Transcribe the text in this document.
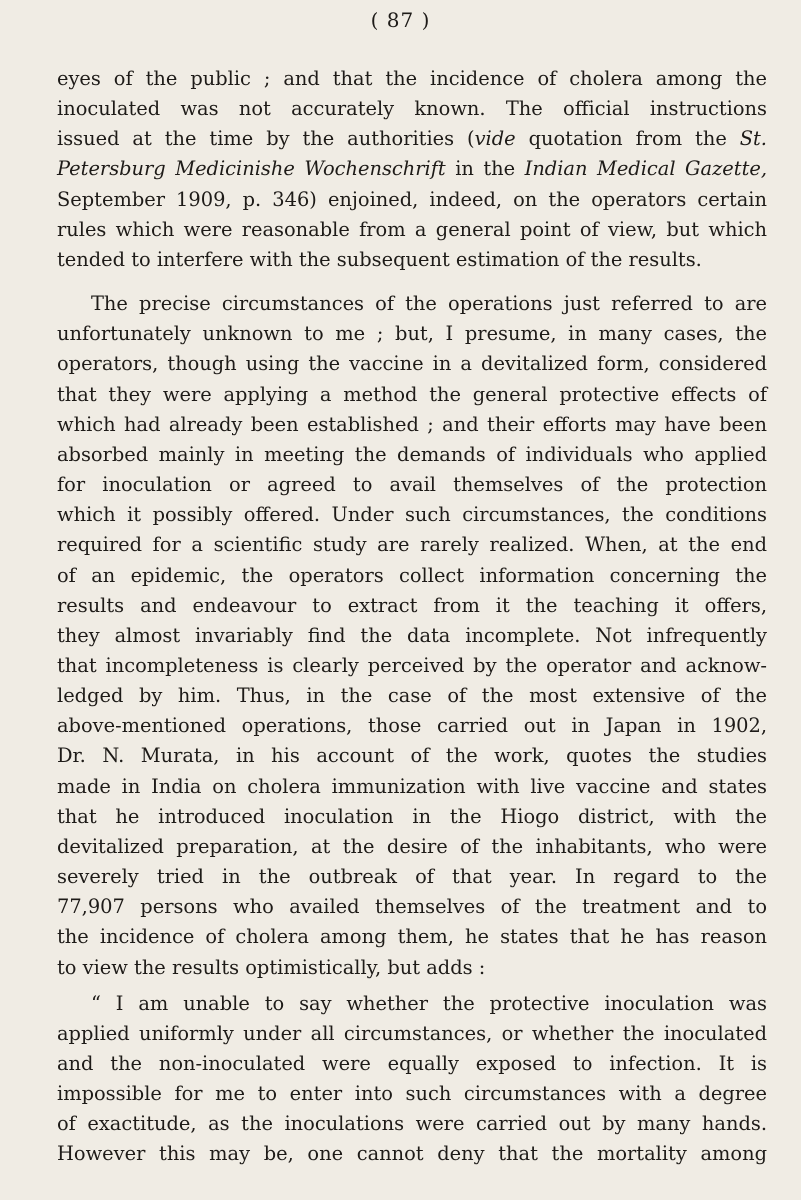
( 87 )
eyes of the public ; and that the incidence of cholera among the
inoculated was not accurately known. The official instructions
issued at the time by the authorities (vide quotation from the St.
Petersburg Medicinishe Wochenschrift in the Indian Medical Gazette,
September 1909, p. 346) enjoined, indeed, on the operators certain
rules which were reasonable from a general point of view, but which
tended to interfere with the subsequent estimation of the results.
The precise circumstances of the operations just referred to are
unfortunately unknown to me ; but, I presume, in many cases, the
operators, though using the vaccine in a devitalized form, considered
that they were applying a method the general protective effects of
which had already been established ; and their efforts may have been
absorbed mainly in meeting the demands of individuals who applied
for inoculation or agreed to avail themselves of the protection
which it possibly offered. Under such circumstances, the conditions
required for a scientific study are rarely realized. When, at the end
of an epidemic, the operators collect information concerning the
results and endeavour to extract from it the teaching it offers,
they almost invariably find the data incomplete. Not infrequently
that incompleteness is clearly perceived by the operator and acknow-
ledged by him. Thus, in the case of the most extensive of the
above-mentioned operations, those carried out in Japan in 1902,
Dr. N. Murata, in his account of the work, quotes the studies
made in India on cholera immunization with live vaccine and states
that he introduced inoculation in the Hiogo district, with the
devitalized preparation, at the desire of the inhabitants, who were
severely tried in the outbreak of that year. In regard to the
77,907 persons who availed themselves of the treatment and to
the incidence of cholera among them, he states that he has reason
to view the results optimistically, but adds :
“ I am unable to say whether the protective inoculation was
applied uniformly under all circumstances, or whether the inoculated
and the non-inoculated were equally exposed to infection. It is
impossible for me to enter into such circumstances with a degree
of exactitude, as the inoculations were carried out by many hands.
However this may be, one cannot deny that the mortality among
